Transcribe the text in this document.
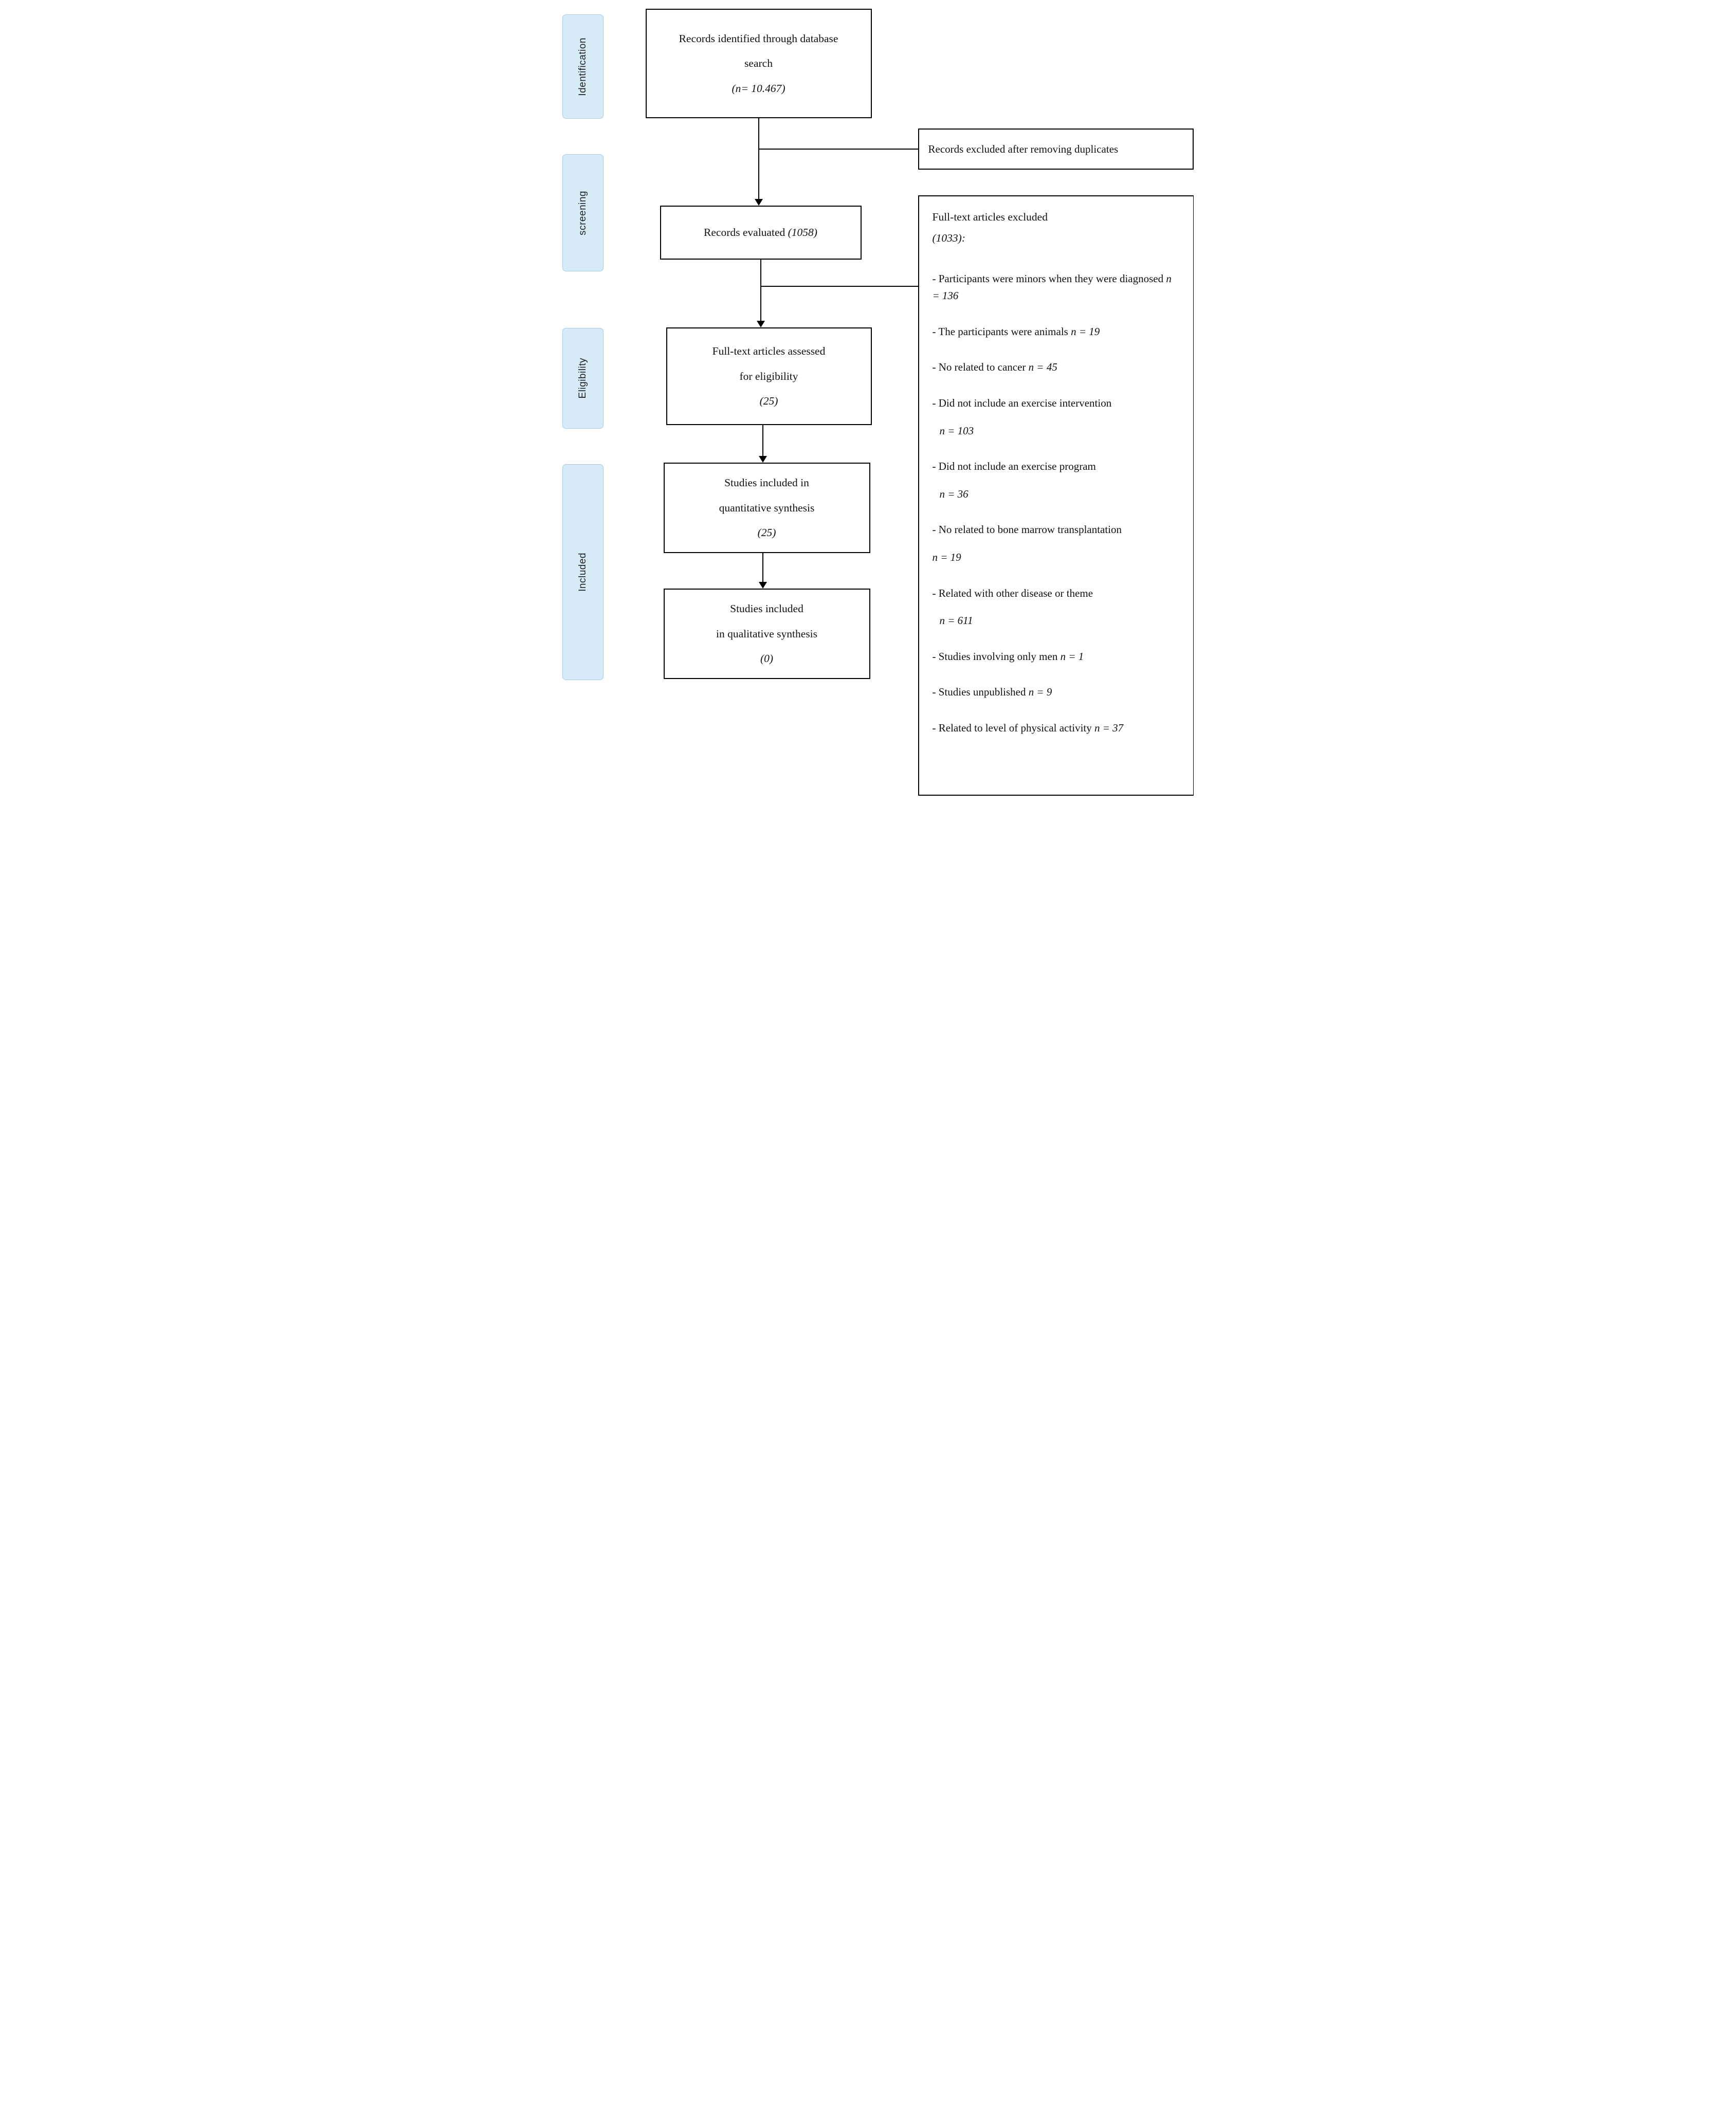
Identification
screening
Eligibility
Included
Records identified through database
search
(n= 10.467)
Records evaluated (1058)
Full-text articles assessed
for eligibility
(25)
Studies included in
quantitative synthesis
(25)
Studies included
in qualitative synthesis
(0)
Records excluded after removing duplicates
Full-text articles excluded
(1033):
- Participants were minors when they were diagnosed n = 136
- The participants were animals n = 19
- No related to cancer n = 45
- Did not include an exercise intervention
n = 103
- Did not include an exercise program
n = 36
- No related to bone marrow transplantation
n = 19
- Related with other disease or theme
n = 611
- Studies involving only men n = 1
- Studies unpublished n = 9
- Related to level of physical activity n = 37
